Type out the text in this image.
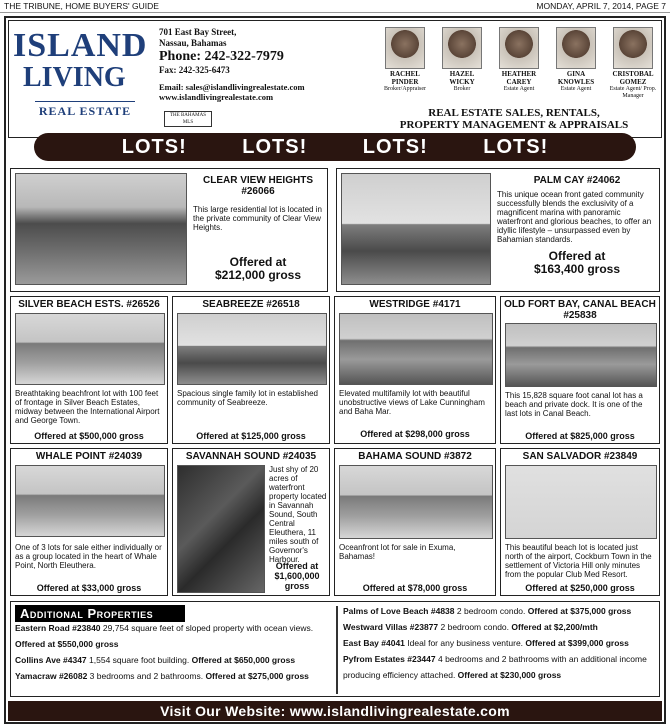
THE TRIBUNE, HOME BUYERS' GUIDE	MONDAY, APRIL 7, 2014, PAGE 7
ISLAND
LIVING
REAL ESTATE
701 East Bay Street,
Nassau, Bahamas
Phone: 242-322-7979
Fax: 242-325-6473
Email: sales@islandlivingrealestate.com
www.islandlivingrealestate.com
THE BAHAMAS MLS
RACHEL
PINDER
Broker/Appraiser
HAZEL
WICKY
Broker
HEATHER
CAREY
Estate Agent
GINA
KNOWLES
Estate Agent
CRISTOBAL
GOMEZ
Estate Agent/ Prop. Manager
REAL ESTATE SALES, RENTALS,
PROPERTY MANAGEMENT & APPRAISALS
LOTS!	LOTS!	LOTS!	LOTS!
CLEAR VIEW HEIGHTS
#26066
This large residential lot is located in the private community of Clear View Heights.
Offered at
$212,000 gross
PALM CAY #24062
This unique ocean front gated community successfully blends the exclusivity of a magnificent marina with panoramic waterfront and glorious beaches, to offer an idyllic lifestyle – unsurpassed even by Bahamian standards.
Offered at
$163,400 gross
SILVER BEACH ESTS. #26526
Breathtaking beachfront lot with 100 feet of frontage in Silver Beach Estates, midway between the International Airport and George Town.
Offered at $500,000 gross
SEABREEZE #26518
Spacious single family lot in established community of Seabreeze.
Offered at $125,000 gross
WESTRIDGE #4171
Elevated multifamily lot with beautiful unobstructive views of Lake Cunningham and Baha Mar.
Offered at $298,000 gross
OLD FORT BAY, CANAL BEACH #25838
This 15,828 square foot canal lot has a beach and private dock. It is one of the last lots in Canal Beach.
Offered at $825,000 gross
WHALE POINT #24039
One of 3 lots for sale either individually or as a group located in the heart of Whale Point, North Eleuthera.
Offered at $33,000 gross
SAVANNAH SOUND #24035
Just shy of 20 acres of waterfront property located in Savannah Sound, South Central Eleuthera, 11 miles south of Governor's Harbour.
Offered at
$1,600,000
gross
BAHAMA SOUND #3872
Oceanfront lot for sale in Exuma, Bahamas!
Offered at $78,000 gross
SAN SALVADOR #23849
This beautiful beach lot is located just north of the airport, Cockburn Town in the settlement of Victoria Hill only minutes from the popular Club Med Resort.
Offered at $250,000 gross
Additional Properties
Eastern Road #23840 29,754 square feet of sloped property with ocean views. Offered at $550,000 gross
Collins Ave #4347 1,554 square foot building. Offered at $650,000 gross
Yamacraw #26082 3 bedrooms and 2 bathrooms. Offered at $275,000 gross
Palms of Love Beach #4838 2 bedroom condo. Offered at $375,000 gross
Westward Villas #23877 2 bedroom condo. Offered at $2,200/mth
East Bay #4041 Ideal for any business venture. Offered at $399,000 gross
Pyfrom Estates #23447 4 bedrooms and 2 bathrooms with an additional income producing efficiency attached. Offered at $230,000 gross
Visit Our Website: www.islandlivingrealestate.com
